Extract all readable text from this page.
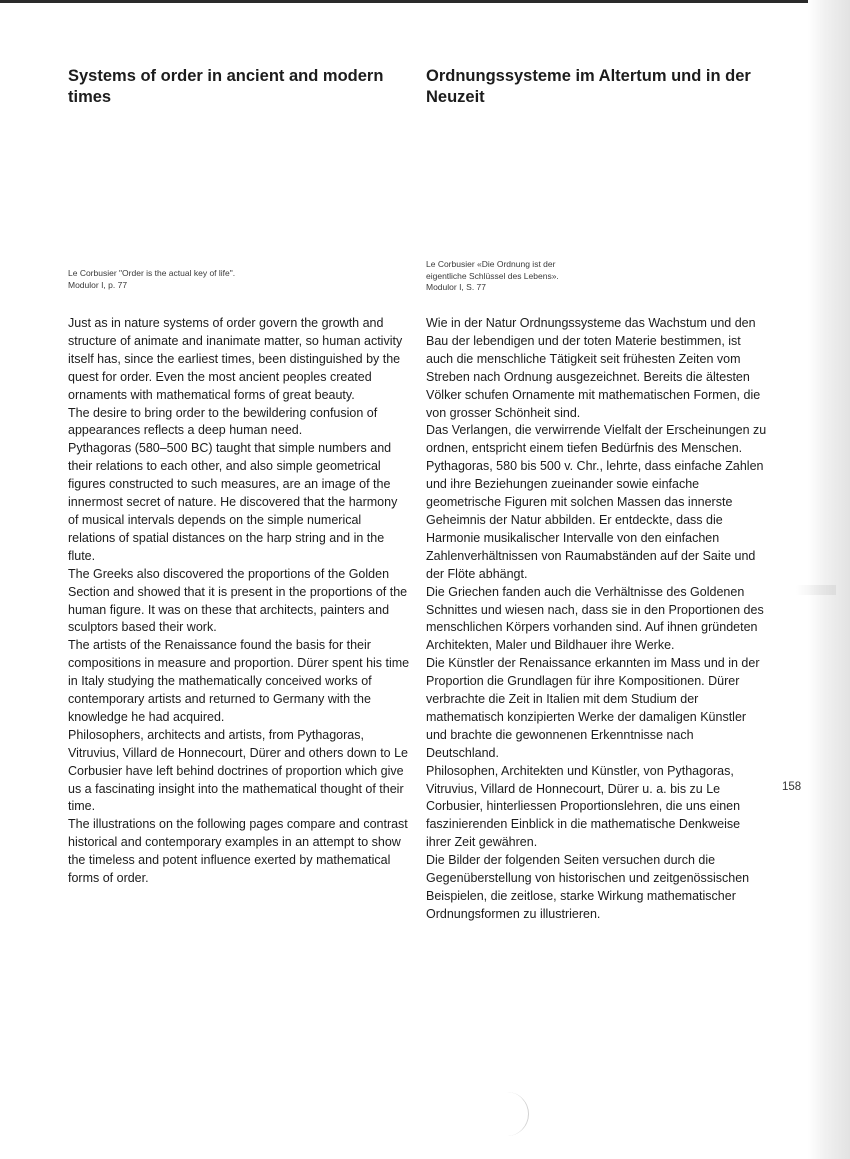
Systems of order in ancient and modern times

Le Corbusier "Order is the actual key of life". Modulor I, p. 77

Just as in nature systems of order govern the growth and structure of animate and inanimate matter, so human activity itself has, since the earliest times, been distinguished by the quest for order. Even the most ancient peoples created ornaments with mathematical forms of great beauty.

The desire to bring order to the bewildering confusion of appearances reflects a deep human need.

Pythagoras (580–500 BC) taught that simple numbers and their relations to each other, and also simple geometrical figures constructed to such measures, are an image of the innermost secret of nature. He discovered that the harmony of musical intervals depends on the simple numerical relations of spatial distances on the harp string and in the flute.

The Greeks also discovered the proportions of the Golden Section and showed that it is present in the proportions of the human figure. It was on these that architects, painters and sculptors based their work.

The artists of the Renaissance found the basis for their compositions in measure and proportion. Dürer spent his time in Italy studying the mathematically conceived works of contemporary artists and returned to Germany with the knowledge he had acquired.

Philosophers, architects and artists, from Pythagoras, Vitruvius, Villard de Honnecourt, Dürer and others down to Le Corbusier have left behind doctrines of proportion which give us a fascinating insight into the mathematical thought of their time.

The illustrations on the following pages compare and contrast historical and contemporary examples in an attempt to show the timeless and potent influence exerted by mathematical forms of order.

Ordnungssysteme im Altertum und in der Neuzeit

Le Corbusier «Die Ordnung ist der eigentliche Schlüssel des Lebens». Modulor I, S. 77

Wie in der Natur Ordnungssysteme das Wachstum und den Bau der lebendigen und der toten Materie bestimmen, ist auch die menschliche Tätigkeit seit frühesten Zeiten vom Streben nach Ordnung ausgezeichnet. Bereits die ältesten Völker schufen Ornamente mit mathematischen Formen, die von grosser Schönheit sind.

Das Verlangen, die verwirrende Vielfalt der Erscheinungen zu ordnen, entspricht einem tiefen Bedürfnis des Menschen. Pythagoras, 580 bis 500 v. Chr., lehrte, dass einfache Zahlen und ihre Beziehungen zueinander sowie einfache geometrische Figuren mit solchen Massen das innerste Geheimnis der Natur abbilden. Er entdeckte, dass die Harmonie musikalischer Intervalle von den einfachen Zahlenverhältnissen von Raumabständen auf der Saite und der Flöte abhängt.

Die Griechen fanden auch die Verhältnisse des Goldenen Schnittes und wiesen nach, dass sie in den Proportionen des menschlichen Körpers vorhanden sind. Auf ihnen gründeten Architekten, Maler und Bildhauer ihre Werke.

Die Künstler der Renaissance erkannten im Mass und in der Proportion die Grundlagen für ihre Kompositionen. Dürer verbrachte die Zeit in Italien mit dem Studium der mathematisch konzipierten Werke der damaligen Künstler und brachte die gewonnenen Erkenntnisse nach Deutschland.

Philosophen, Architekten und Künstler, von Pythagoras, Vitruvius, Villard de Honnecourt, Dürer u. a. bis zu Le Corbusier, hinterliessen Proportionslehren, die uns einen faszinierenden Einblick in die mathematische Denkweise ihrer Zeit gewähren.

Die Bilder der folgenden Seiten versuchen durch die Gegenüberstellung von historischen und zeitgenössischen Beispielen, die zeitlose, starke Wirkung mathematischer Ordnungsformen zu illustrieren.

158
